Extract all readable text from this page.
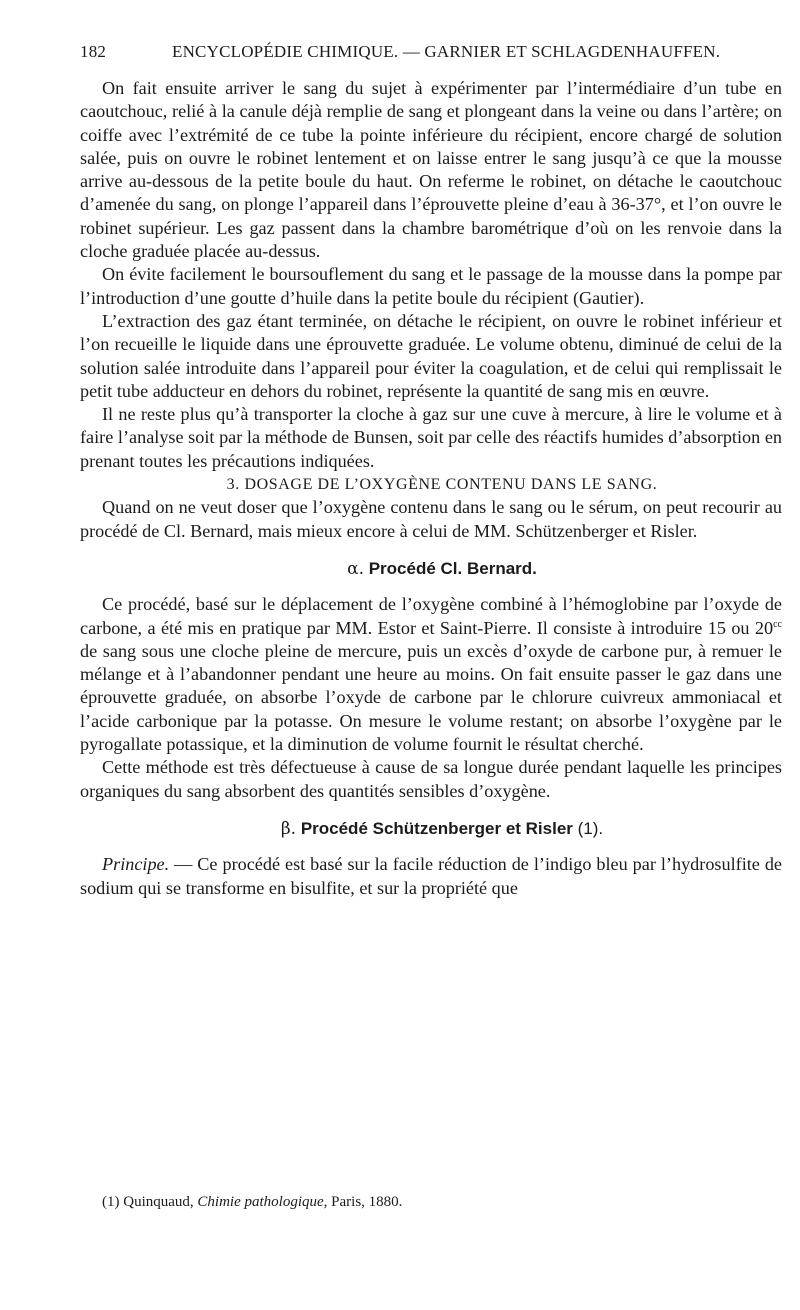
182	ENCYCLOPÉDIE CHIMIQUE. — GARNIER ET SCHLAGDENHAUFFEN.

On fait ensuite arriver le sang du sujet à expérimenter par l’intermédiaire d’un tube en caoutchouc, relié à la canule déjà remplie de sang et plongeant dans la veine ou dans l’artère; on coiffe avec l’extrémité de ce tube la pointe inférieure du récipient, encore chargé de solution salée, puis on ouvre le robinet lentement et on laisse entrer le sang jusqu’à ce que la mousse arrive au-dessous de la petite boule du haut. On referme le robinet, on détache le caoutchouc d’amenée du sang, on plonge l’appareil dans l’éprouvette pleine d’eau à 36-37°, et l’on ouvre le robinet supérieur. Les gaz passent dans la chambre barométrique d’où on les renvoie dans la cloche graduée placée au-dessus.

On évite facilement le boursouflement du sang et le passage de la mousse dans la pompe par l’introduction d’une goutte d’huile dans la petite boule du récipient (Gautier).

L’extraction des gaz étant terminée, on détache le récipient, on ouvre le robinet inférieur et l’on recueille le liquide dans une éprouvette graduée. Le volume obtenu, diminué de celui de la solution salée introduite dans l’appareil pour éviter la coagulation, et de celui qui remplissait le petit tube adducteur en dehors du robinet, représente la quantité de sang mis en œuvre.

Il ne reste plus qu’à transporter la cloche à gaz sur une cuve à mercure, à lire le volume et à faire l’analyse soit par la méthode de Bunsen, soit par celle des réactifs humides d’absorption en prenant toutes les précautions indiquées.

3. DOSAGE DE L’OXYGÈNE CONTENU DANS LE SANG.

Quand on ne veut doser que l’oxygène contenu dans le sang ou le sérum, on peut recourir au procédé de Cl. Bernard, mais mieux encore à celui de MM. Schützenberger et Risler.

α. Procédé Cl. Bernard.

Ce procédé, basé sur le déplacement de l’oxygène combiné à l’hémoglobine par l’oxyde de carbone, a été mis en pratique par MM. Estor et Saint-Pierre. Il consiste à introduire 15 ou $20^{cc}$ de sang sous une cloche pleine de mercure, puis un excès d’oxyde de carbone pur, à remuer le mélange et à l’abandonner pendant une heure au moins. On fait ensuite passer le gaz dans une éprouvette graduée, on absorbe l’oxyde de carbone par le chlorure cuivreux ammoniacal et l’acide carbonique par la potasse. On mesure le volume restant; on absorbe l’oxygène par le pyrogallate potassique, et la diminution de volume fournit le résultat cherché.

Cette méthode est très défectueuse à cause de sa longue durée pendant laquelle les principes organiques du sang absorbent des quantités sensibles d’oxygène.

β. Procédé Schützenberger et Risler (1).

Principe. — Ce procédé est basé sur la facile réduction de l’indigo bleu par l’hydrosulfite de sodium qui se transforme en bisulfite, et sur la propriété que

(1) Quinquaud, Chimie pathologique, Paris, 1880.
